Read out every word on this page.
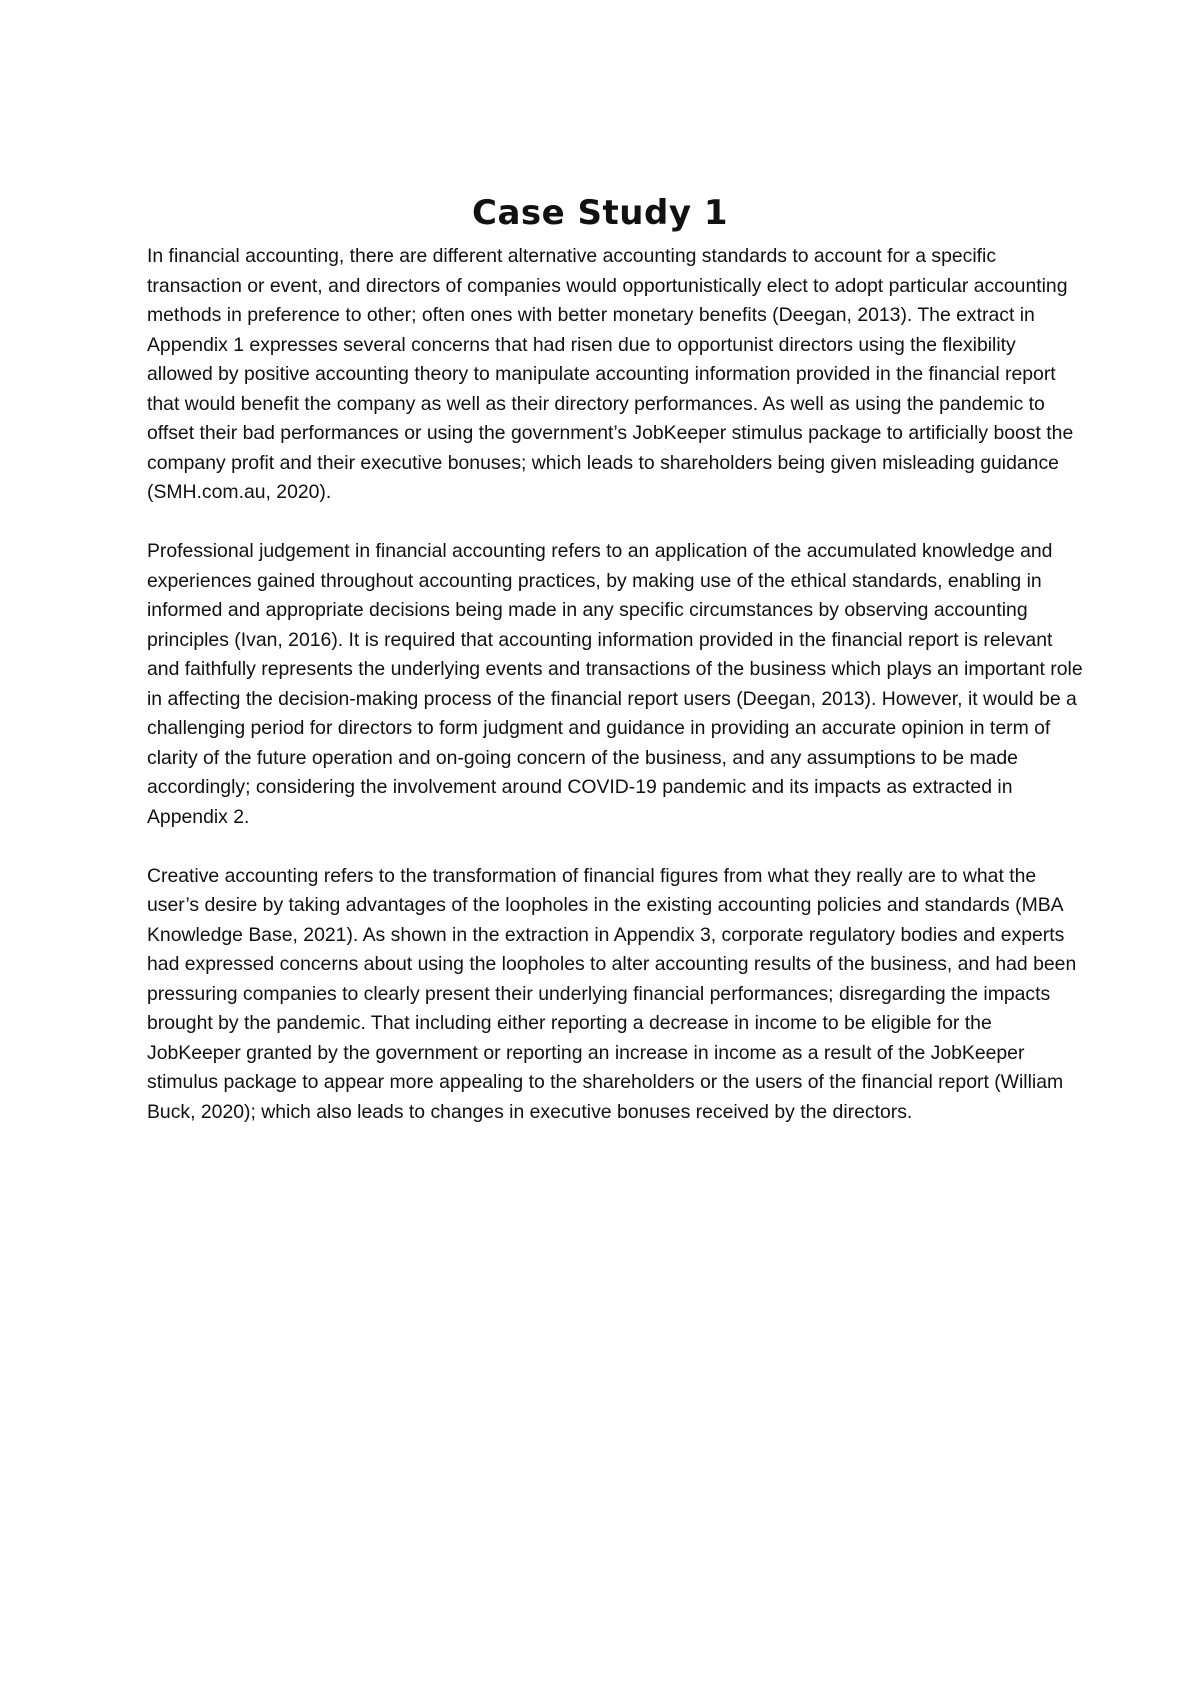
Case Study 1

In financial accounting, there are different alternative accounting standards to account for a specific transaction or event, and directors of companies would opportunistically elect to adopt particular accounting methods in preference to other; often ones with better monetary benefits (Deegan, 2013). The extract in Appendix 1 expresses several concerns that had risen due to opportunist directors using the flexibility allowed by positive accounting theory to manipulate accounting information provided in the financial report that would benefit the company as well as their directory performances. As well as using the pandemic to offset their bad performances or using the government’s JobKeeper stimulus package to artificially boost the company profit and their executive bonuses; which leads to shareholders being given misleading guidance (SMH.com.au, 2020).

Professional judgement in financial accounting refers to an application of the accumulated knowledge and experiences gained throughout accounting practices, by making use of the ethical standards, enabling in informed and appropriate decisions being made in any specific circumstances by observing accounting principles (Ivan, 2016). It is required that accounting information provided in the financial report is relevant and faithfully represents the underlying events and transactions of the business which plays an important role in affecting the decision-making process of the financial report users (Deegan, 2013). However, it would be a challenging period for directors to form judgment and guidance in providing an accurate opinion in term of clarity of the future operation and on-going concern of the business, and any assumptions to be made accordingly; considering the involvement around COVID-19 pandemic and its impacts as extracted in Appendix 2.

Creative accounting refers to the transformation of financial figures from what they really are to what the user’s desire by taking advantages of the loopholes in the existing accounting policies and standards (MBA Knowledge Base, 2021). As shown in the extraction in Appendix 3, corporate regulatory bodies and experts had expressed concerns about using the loopholes to alter accounting results of the business, and had been pressuring companies to clearly present their underlying financial performances; disregarding the impacts brought by the pandemic. That including either reporting a decrease in income to be eligible for the JobKeeper granted by the government or reporting an increase in income as a result of the JobKeeper stimulus package to appear more appealing to the shareholders or the users of the financial report (William Buck, 2020); which also leads to changes in executive bonuses received by the directors.
